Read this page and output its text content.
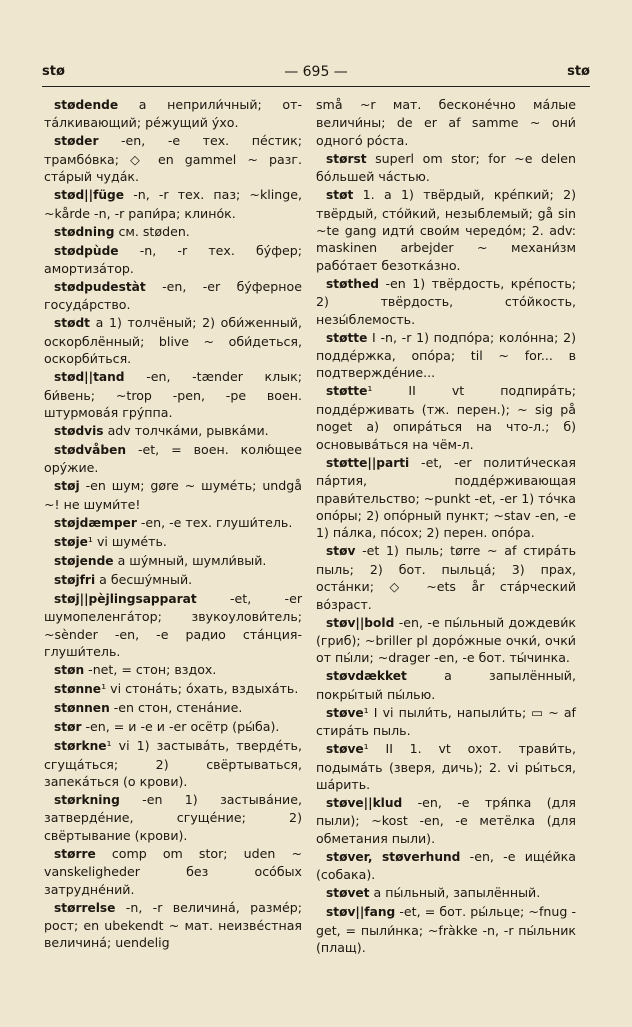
stø	— 695 —	stø

stødende a неприли́чный; от-тáлкивающий; рéжущий ýхо.

støder -en, -e тех. пéстик; трамбо́вка; ◇ en gammel ~ разг. стáрый чудáк.

stød||füge -n, -r тех. паз; ~klinge, ~kårde -n, -r рапи́ра; клино́к.

stødning см. støden.

stødpùde -n, -r тех. бýфер; амортизáтор.

stødpudestàt -en, -er бýферное госудáрство.

stødt a 1) толчёный; 2) оби́женный, оскорблённый; blive ~ оби́деться, оскорби́ться.

stød||tand -en, -tænder клык; би́вень; ~trop -pen, -pe воен. штурмовáя грýппа.

stødvis adv толчкáми, рывкáми.

stødvåben -et, = воен. колю́щее орýжие.

støj -en шум; gøre ~ шумéть; undgå ~! не шуми́те!

støjdæmper -en, -e тех. глуши́тель.

støje¹ vi шумéть.

støjende a шýмный, шумли́вый.

støjfri a бесшýмный.

støj||pèjlingsapparat -et, -er шумопеленгáтор; звукоулови́тель; ~sènder -en, -e радио стáнция-глуши́тель.

støn -net, = стон; вздох.

stønne¹ vi стонáть; óхать, вздыхáть.

stønnen -en стон, стенáние.

stør -en, = и -e и -er осётр (ры́ба).

størkne¹ vi 1) застывáть, твердéть, сгущáться; 2) свёртываться, запекáться (о крови).

størkning -en 1) застывáние, затвердéние, сгущéние; 2) свёртывание (крови).

større comp om stor; uden ~ vanskeligheder без осóбых затрудне́ний.

størrelse -n, -r величинá, размéр; рост; en ubekendt ~ мат. неизвéстная величинá; uendelig

små ~r мат. бесконéчно мáлые величи́ны; de er af samme ~ они́ одногó рóста.

størst superl om stor; for ~e delen бóльшей чáстью.

støt 1. a 1) твёрдый, крéпкий; 2) твёрдый, стóйкий, незыблемый; gå sin ~te gang идти́ свои́м чередóм; 2. adv: maskinen arbejder ~ механи́зм рабóтает безоткáзно.

støthed -en 1) твёрдость, крéпость; 2) твёрдость, стóйкость, незы́блемость.

støtte I -n, -r 1) подпóра; колóнна; 2) поддéржка, опóра; til ~ for... в подтверждéние...

støtte¹ II vt подпирáть; поддéрживать (тж. перен.); ~ sig på noget a) опирáться на что-л.; б) основывáться на чём-л.

støtte||parti -et, -er полити́ческая пáртия, поддéрживающая прави́тельство; ~punkt -et, -er 1) тóчка опóры; 2) опóрный пункт; ~stav -en, -e 1) пáлка, пóсох; 2) перен. опóра.

støv -et 1) пыль; tørre ~ af стирáть пыль; 2) бот. пыльцá; 3) прах, остáнки; ◇ ~ets år стáрческий вóзраст.

støv||bold -en, -e пы́льный дождеви́к (гриб); ~briller pl дорóжные очки́, очки́ от пы́ли; ~drager -en, -e бот. ты́чинка.

støvdækket a запылённый, покры́тый пы́лью.

støve¹ I vi пыли́ть, напыли́ть; ▭ ~ af стирáть пыль.

støve¹ II 1. vt охот. трави́ть, подымáть (зверя, дичь); 2. vi ры́ться, шáрить.

støve||klud -en, -e тря́пка (для пыли); ~kost -en, -e метёлка (для обметания пыли).

støver, støverhund -en, -e ищéйка (собака).

støvet a пы́льный, запылённый.

støv||fang -et, = бот. ры́льце; ~fnug -get, = пыли́нка; ~fràkke -n, -r пы́льник (плащ).
